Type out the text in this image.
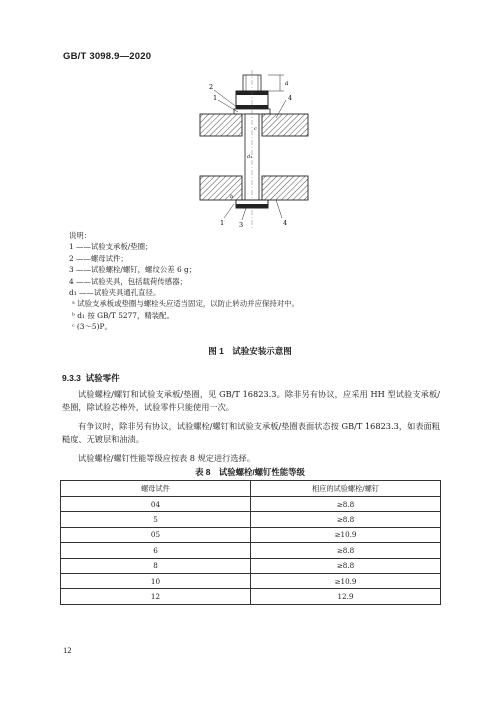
GB/T 3098.9—2020
a
c
d₁
b
2
1	4
1 3	4
说明：
1 ——试验支承板/垫圈；
2 ——螺母试件；
3 ——试验螺栓/螺钉，螺纹公差 6 g；
4 ——试验夹具，包括载荷传感器；
d₁ ——试验夹具通孔直径。
ᵃ 试验支承板或垫圈与螺栓头应适当固定，以防止转动并应保持对中。
ᵇ d₁ 按 GB/T 5277，精装配。
ᶜ (3～5)P。
图 1　试验安装示意图
9.3.3 试验零件
试验螺栓/螺钉和试验支承板/垫圈，见 GB/T 16823.3。除非另有协议，应采用 HH 型试验支承板/垫圈，除试验芯棒外，试验零件只能使用一次。
有争议时，除非另有协议，试验螺栓/螺钉和试验支承板/垫圈表面状态按 GB/T 16823.3，如表面粗糙度、无镀层和油渍。
试验螺栓/螺钉性能等级应按表 8 规定进行选择。
表 8　试验螺栓/螺钉性能等级
螺母试件	相应的试验螺栓/螺钉
04	≥8.8
5	≥8.8
05	≥10.9
6	≥8.8
8	≥8.8
10	≥10.9
12	12.9
12
